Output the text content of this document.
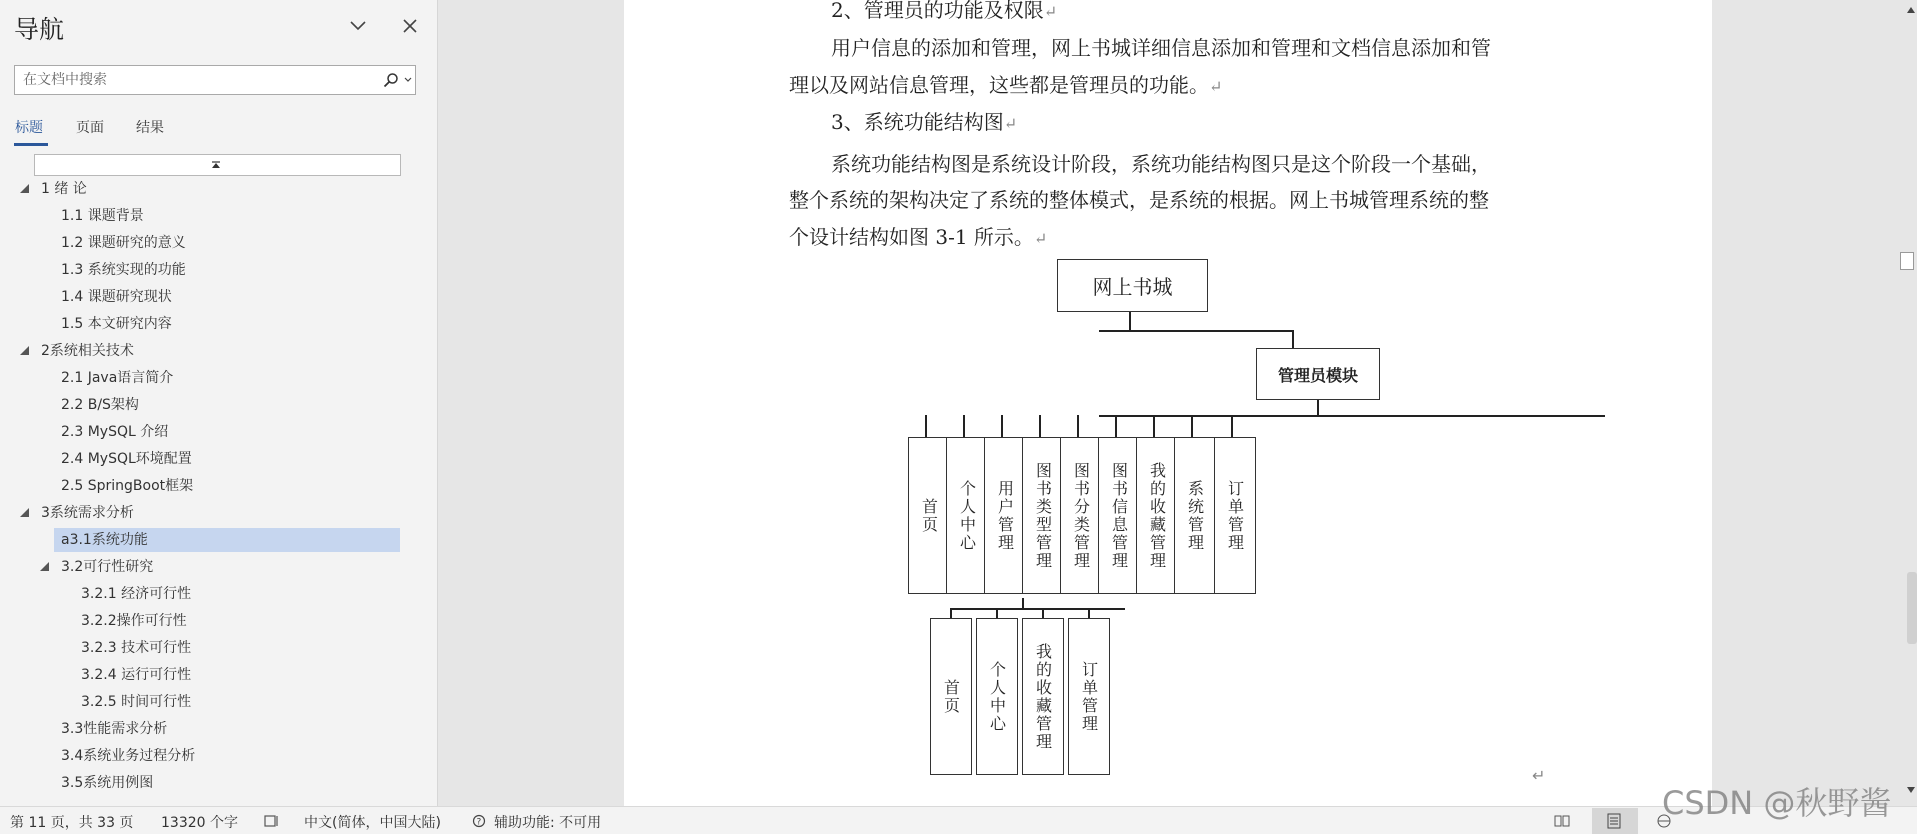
导航
在文档中搜索
标题 页面 结果
1 绪 论
1.1 课题背景
1.2 课题研究的意义
1.3 系统实现的功能
1.4 课题研究现状
1.5 本文研究内容
2系统相关技术
2.1 Java语言简介
2.2 B/S架构
2.3 MySQL 介绍
2.4 MySQL环境配置
2.5 SpringBoot框架
3系统需求分析
a3.1系统功能
3.2可行性研究
3.2.1 经济可行性
3.2.2操作可行性
3.2.3 技术可行性
3.2.4 运行可行性
3.2.5 时间可行性
3.3性能需求分析
3.4系统业务过程分析
3.5系统用例图
2、管理员的功能及权限↵
用户信息的添加和管理，网上书城详细信息添加和管理和文档信息添加和管
理以及网站信息管理，这些都是管理员的功能。↵
3、系统功能结构图↵
系统功能结构图是系统设计阶段，系统功能结构图只是这个阶段一个基础，
整个系统的架构决定了系统的整体模式，是系统的根据。网上书城管理系统的整
个设计结构如图 3-1 所示。↵
网上书城
管理员模块
↵
首页	个人中心	用户管理	图书类型管理	图书分类管理	图书信息管理	我的收藏管理	系统管理	订单管理
首页	个人中心	我的收藏管理	订单管理
第 11 页，共 33 页 13320 个字	中文(简体，中国大陆)	? 辅助功能: 不可用
CSDN @秋野酱
